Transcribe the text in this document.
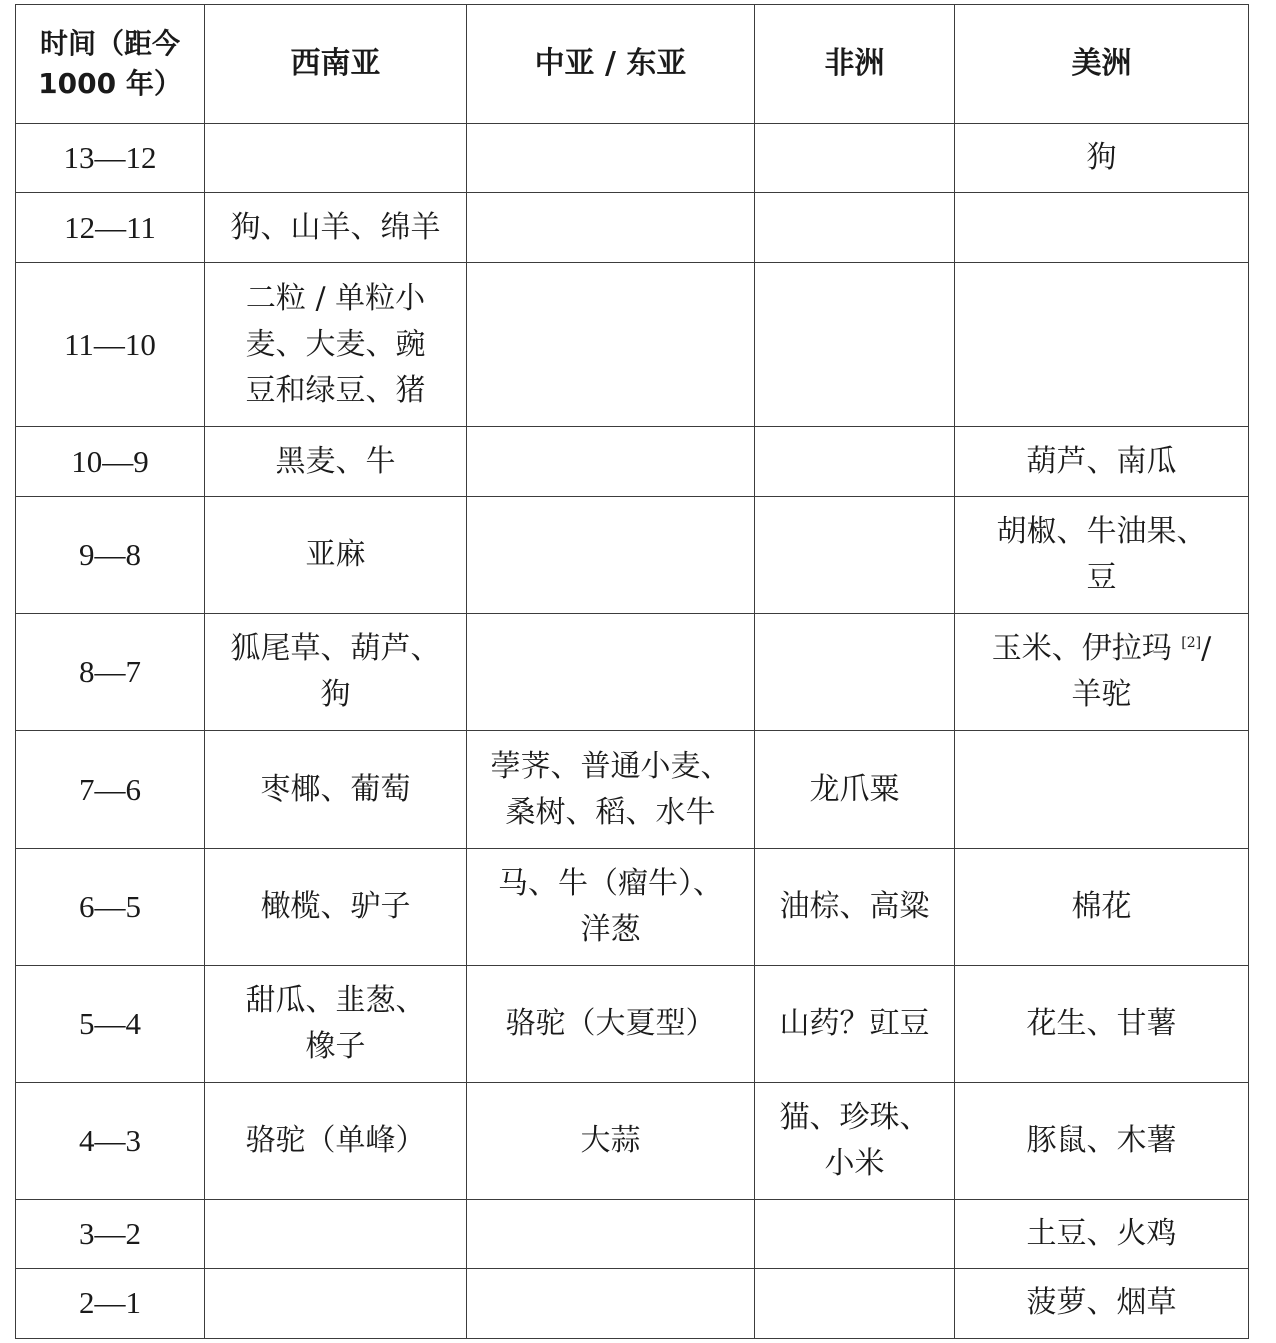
时间（距今
1000 年）	西南亚	中亚 / 东亚	非洲	美洲
13—12				狗
12—11	狗、山羊、绵羊			
11—10	二粒 / 单粒小
麦、大麦、豌
豆和绿豆、猪			
10—9	黑麦、牛			葫芦、南瓜
9—8	亚麻			胡椒、牛油果、
豆
8—7	狐尾草、葫芦、
狗			玉米、伊拉玛 [2]/
羊驼
7—6	枣椰、葡萄	荸荠、普通小麦、
桑树、稻、水牛	龙爪粟	
6—5	橄榄、驴子	马、牛（瘤牛）、
洋葱	油棕、高粱	棉花
5—4	甜瓜、韭葱、
橡子	骆驼（大夏型）	山药？豇豆	花生、甘薯
4—3	骆驼（单峰）	大蒜	猫、珍珠、
小米	豚鼠、木薯
3—2				土豆、火鸡
2—1				菠萝、烟草
